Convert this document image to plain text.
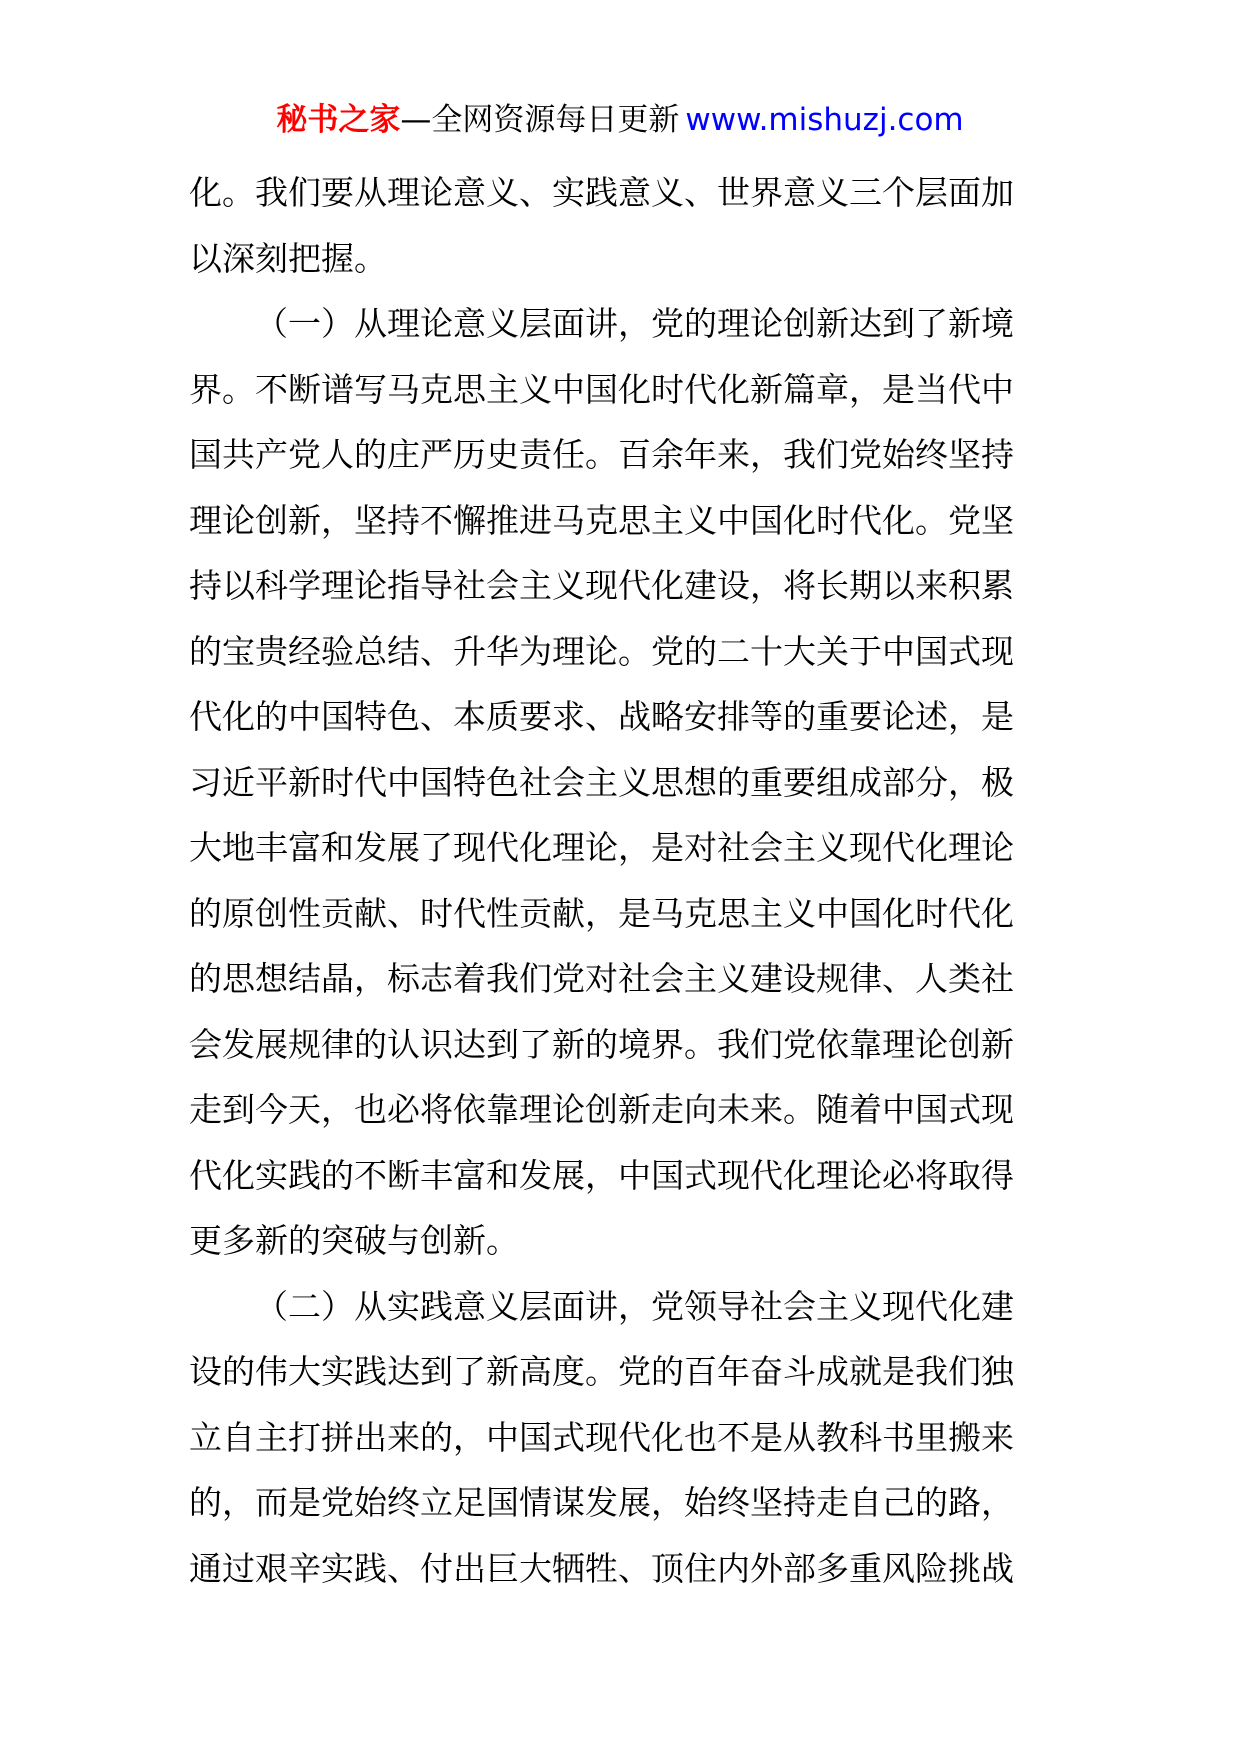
秘书之家—全网资源每日更新 www.mishuzj.com
化。我们要从理论意义、实践意义、世界意义三个层面加
以深刻把握。
（一）从理论意义层面讲，党的理论创新达到了新境
界。不断谱写马克思主义中国化时代化新篇章，是当代中
国共产党人的庄严历史责任。百余年来，我们党始终坚持
理论创新，坚持不懈推进马克思主义中国化时代化。党坚
持以科学理论指导社会主义现代化建设，将长期以来积累
的宝贵经验总结、升华为理论。党的二十大关于中国式现
代化的中国特色、本质要求、战略安排等的重要论述，是
习近平新时代中国特色社会主义思想的重要组成部分，极
大地丰富和发展了现代化理论，是对社会主义现代化理论
的原创性贡献、时代性贡献，是马克思主义中国化时代化
的思想结晶，标志着我们党对社会主义建设规律、人类社
会发展规律的认识达到了新的境界。我们党依靠理论创新
走到今天，也必将依靠理论创新走向未来。随着中国式现
代化实践的不断丰富和发展，中国式现代化理论必将取得
更多新的突破与创新。
（二）从实践意义层面讲，党领导社会主义现代化建
设的伟大实践达到了新高度。党的百年奋斗成就是我们独
立自主打拼出来的，中国式现代化也不是从教科书里搬来
的，而是党始终立足国情谋发展，始终坚持走自己的路，
通过艰辛实践、付出巨大牺牲、顶住内外部多重风险挑战
